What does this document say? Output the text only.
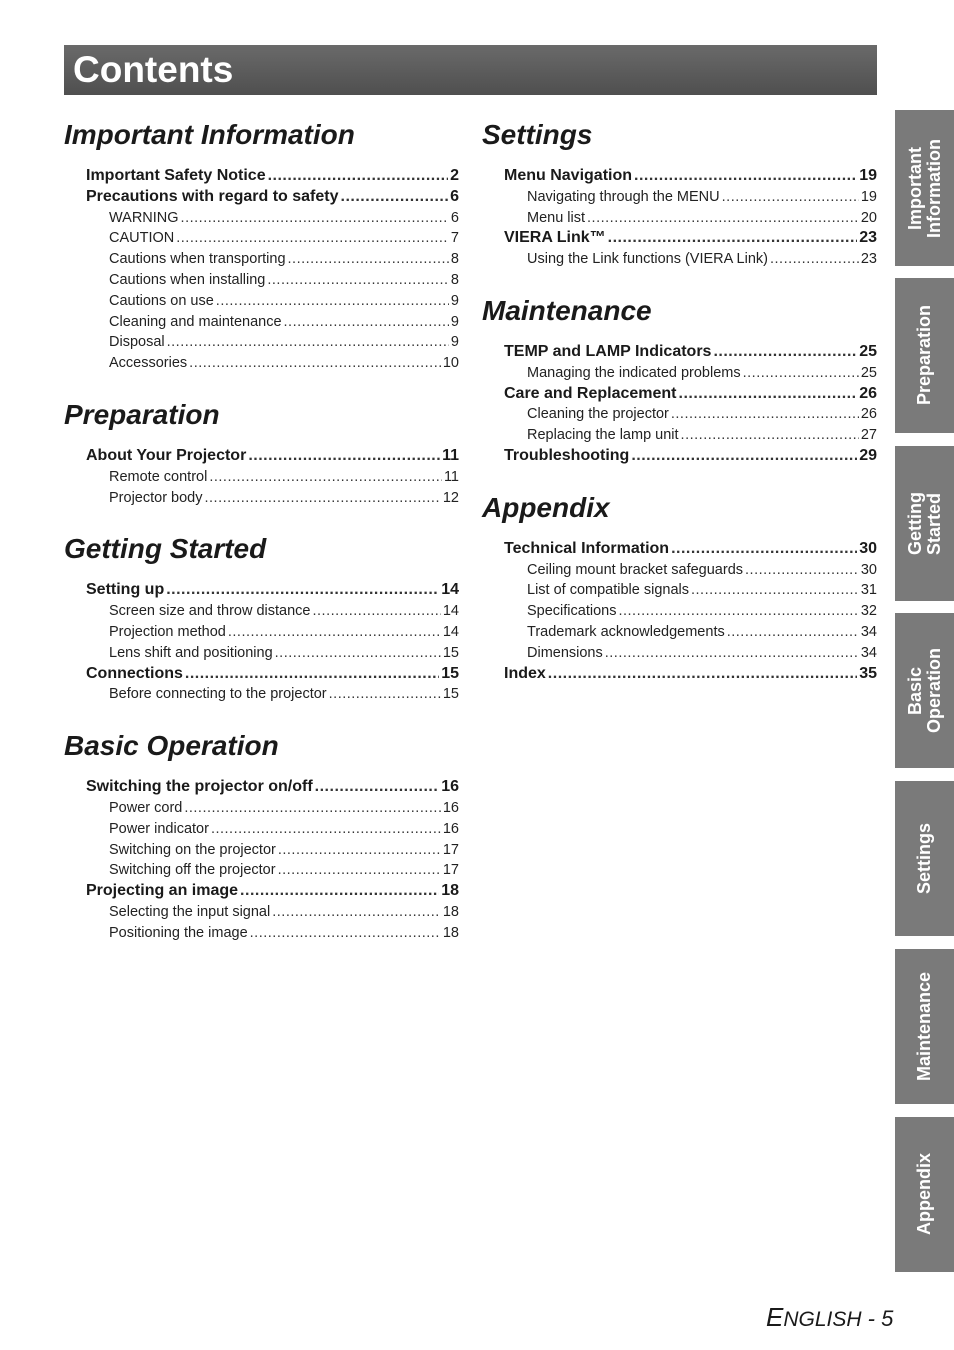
Contents
Important Information
Important Safety Notice .....	2
Precautions with regard to safety .....	6
WARNING .....	6
CAUTION .....	7
Cautions when transporting .....	8
Cautions when installing .....	8
Cautions on use .....	9
Cleaning and maintenance .....	9
Disposal .....	9
Accessories .....	10
Preparation
About Your Projector .....	11
Remote control .....	11
Projector body .....	12
Getting Started
Setting up .....	14
Screen size and throw distance .....	14
Projection method .....	14
Lens shift and positioning .....	15
Connections .....	15
Before connecting to the projector .....	15
Basic Operation
Switching the projector on/off .....	16
Power cord .....	16
Power indicator .....	16
Switching on the projector .....	17
Switching off the projector .....	17
Projecting an image .....	18
Selecting the input signal .....	18
Positioning the image .....	18
Settings
Menu Navigation .....	19
Navigating through the MENU .....	19
Menu list .....	20
VIERA Link™ .....	23
Using the Link functions (VIERA Link) .....	23
Maintenance
TEMP and LAMP Indicators .....	25
Managing the indicated problems .....	25
Care and Replacement .....	26
Cleaning the projector .....	26
Replacing the lamp unit .....	27
Troubleshooting .....	29
Appendix
Technical Information .....	30
Ceiling mount bracket safeguards .....	30
List of compatible signals .....	31
Specifications .....	32
Trademark acknowledgements .....	34
Dimensions .....	34
Index .....	35
Important
Information
Preparation
Getting
Started
Basic
Operation
Settings
Maintenance
Appendix
ENGLISH - 5
